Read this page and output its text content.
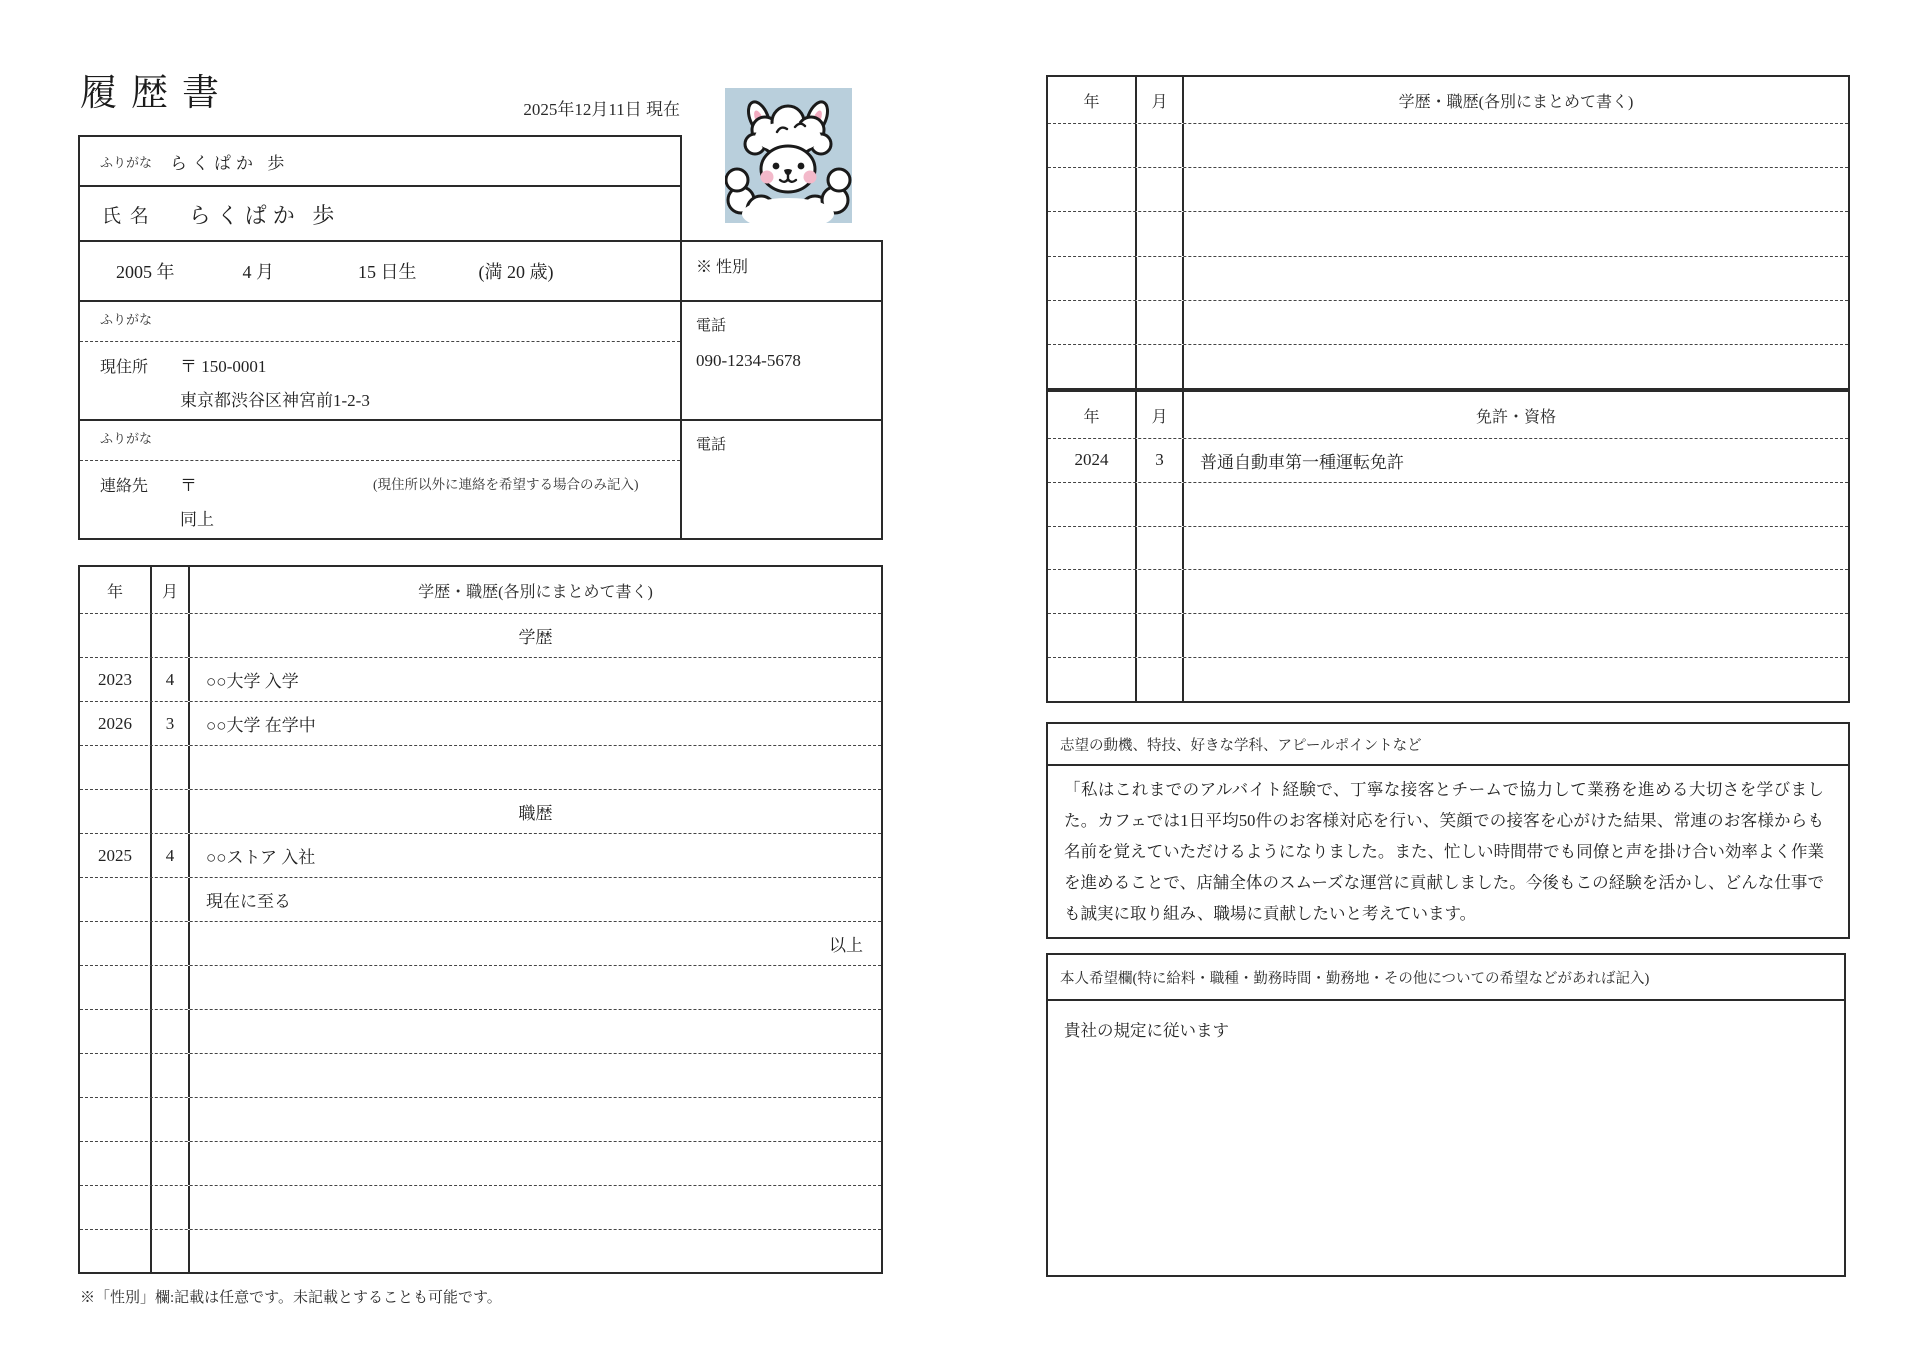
履歴書	2025年12月11日 現在
ふりがな らくぱか 歩
氏 名 らくぱか 歩
2005 年	4 月	15 日生	(満 20 歳)	※ 性別
ふりがな
現住所 〒 150-0001
東京都渋谷区神宮前1-2-3
電話
090-1234-5678
ふりがな
連絡先 〒	(現住所以外に連絡を希望する場合のみ記入)
同上
電話
年	月	学歴・職歴(各別にまとめて書く)
学歴
2023	4	○○大学 入学
2026	3	○○大学 在学中
職歴
2025	4	○○ストア 入社
現在に至る
以上
※「性別」欄:記載は任意です。未記載とすることも可能です。
年	月	学歴・職歴(各別にまとめて書く)
年	月	免許・資格
2024	3	普通自動車第一種運転免許
志望の動機、特技、好きな学科、アピールポイントなど
「私はこれまでのアルバイト経験で、丁寧な接客とチームで協力して業務を進める大切さを学びました。カフェでは1日平均50件のお客様対応を行い、笑顔での接客を心がけた結果、常連のお客様からも名前を覚えていただけるようになりました。また、忙しい時間帯でも同僚と声を掛け合い効率よく作業を進めることで、店舗全体のスムーズな運営に貢献しました。今後もこの経験を活かし、どんな仕事でも誠実に取り組み、職場に貢献したいと考えています。
本人希望欄(特に給料・職種・勤務時間・勤務地・その他についての希望などがあれば記入)
貴社の規定に従います
